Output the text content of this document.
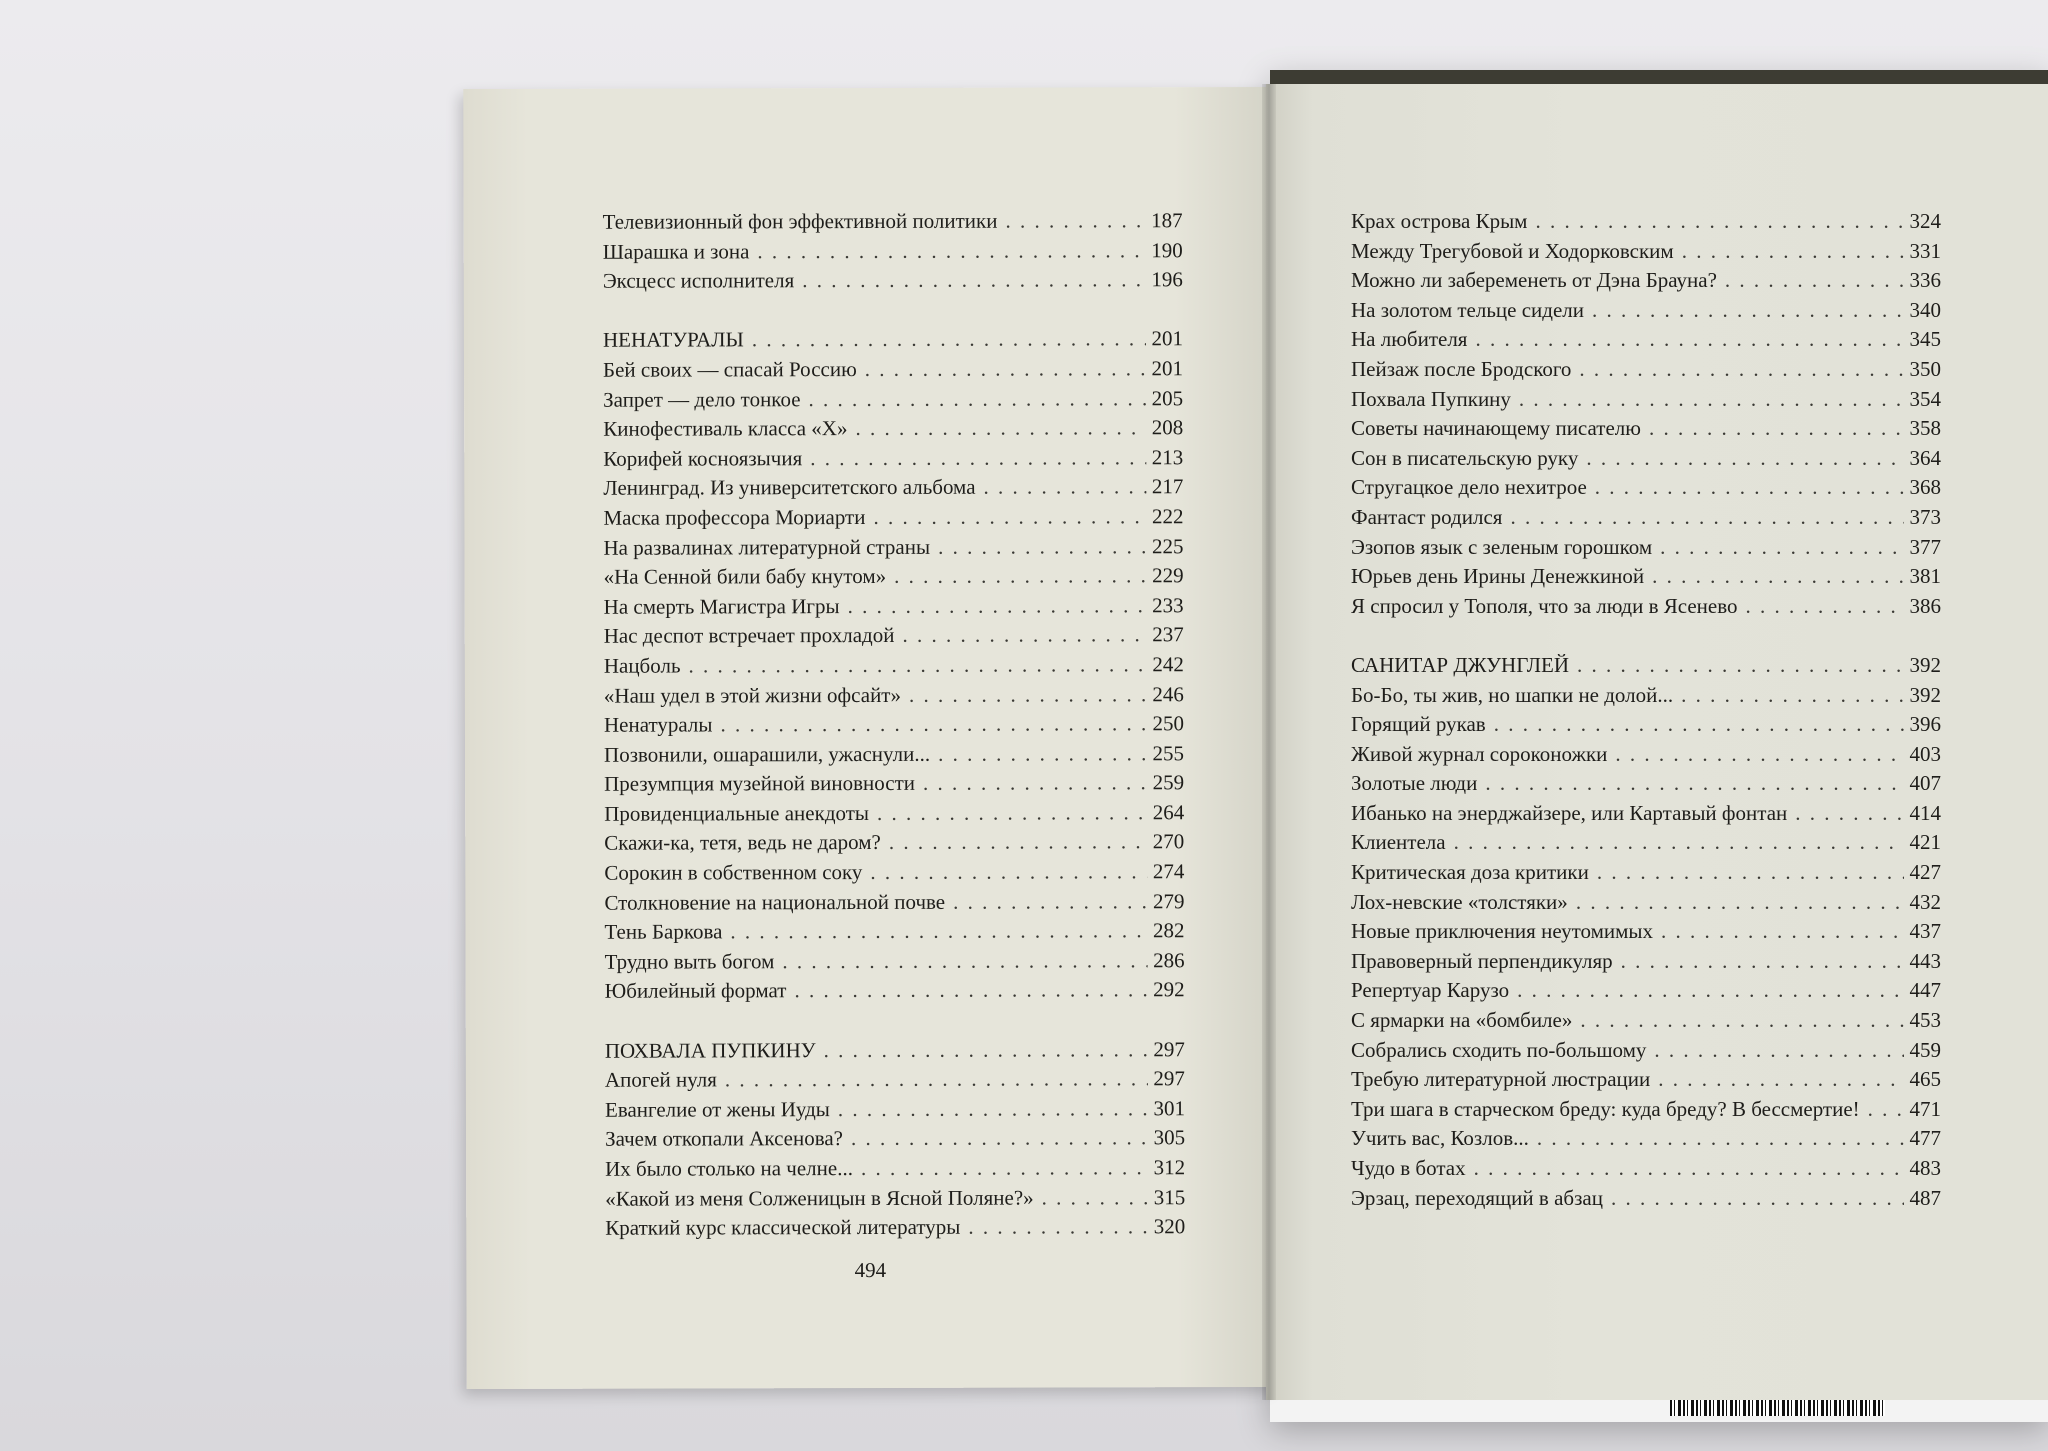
Телевизионный фон эффективной политики . . .	187
Шарашка и зона . . .	190
Эксцесс исполнителя . . .	196
НЕНАТУРАЛЫ . . .	201
Бей своих — спасай Россию . . .	201
Запрет — дело тонкое . . .	205
Кинофестиваль класса «Х» . . .	208
Корифей косноязычия . . .	213
Ленинград. Из университетского альбома . . .	217
Маска профессора Мориарти . . .	222
На развалинах литературной страны . . .	225
«На Сенной били бабу кнутом» . . .	229
На смерть Магистра Игры . . .	233
Нас деспот встречает прохладой . . .	237
Нацболь . . .	242
«Наш удел в этой жизни офсайт» . . .	246
Ненатуралы . . .	250
Позвонили, ошарашили, ужаснули... . . .	255
Презумпция музейной виновности . . .	259
Провиденциальные анекдоты . . .	264
Скажи-ка, тетя, ведь не даром? . . .	270
Сорокин в собственном соку . . .	274
Столкновение на национальной почве . . .	279
Тень Баркова . . .	282
Трудно выть богом . . .	286
Юбилейный формат . . .	292
ПОХВАЛА ПУПКИНУ . . .	297
Апогей нуля . . .	297
Евангелие от жены Иуды . . .	301
Зачем откопали Аксенова? . . .	305
Их было столько на челне... . . .	312
«Какой из меня Солженицын в Ясной Поляне?» . . .	315
Краткий курс классической литературы . . .	320
494
Крах острова Крым . . .	324
Между Трегубовой и Ходорковским . . .	331
Можно ли забеременеть от Дэна Брауна? . . .	336
На золотом тельце сидели . . .	340
На любителя . . .	345
Пейзаж после Бродского . . .	350
Похвала Пупкину . . .	354
Советы начинающему писателю . . .	358
Сон в писательскую руку . . .	364
Стругацкое дело нехитрое . . .	368
Фантаст родился . . .	373
Эзопов язык с зеленым горошком . . .	377
Юрьев день Ирины Денежкиной . . .	381
Я спросил у Тополя, что за люди в Ясенево . . .	386
САНИТАР ДЖУНГЛЕЙ . . .	392
Бо-Бо, ты жив, но шапки не долой... . . .	392
Горящий рукав . . .	396
Живой журнал сороконожки . . .	403
Золотые люди . . .	407
Ибанько на энерджайзере, или Картавый фонтан . . .	414
Клиентела . . .	421
Критическая доза критики . . .	427
Лох-невские «толстяки» . . .	432
Новые приключения неутомимых . . .	437
Правоверный перпендикуляр . . .	443
Репертуар Карузо . . .	447
С ярмарки на «бомбиле» . . .	453
Собрались сходить по-большому . . .	459
Требую литературной люстрации . . .	465
Три шага в старческом бреду: куда бреду? В бессмертие! . . .	471
Учить вас, Козлов... . . .	477
Чудо в ботах . . .	483
Эрзац, переходящий в абзац . . .	487
